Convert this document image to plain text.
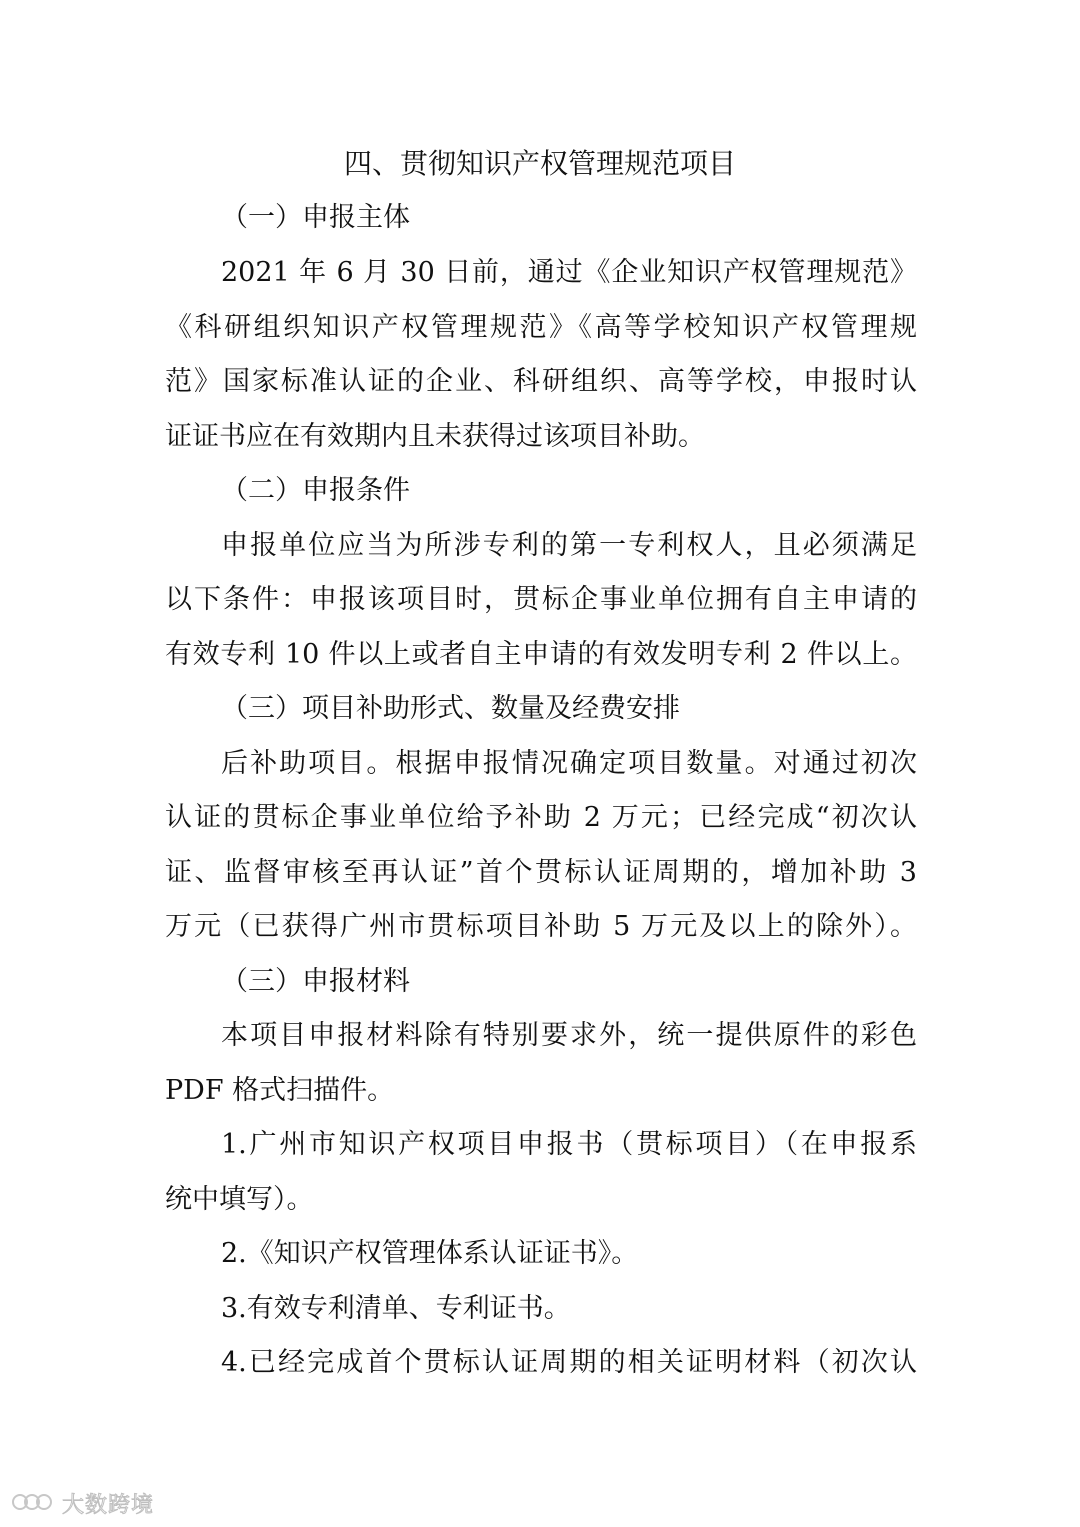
四、贯彻知识产权管理规范项目
（一）申报主体
2021 年 6 月 30 日前，通过《企业知识产权管理规范》
《科研组织知识产权管理规范》《高等学校知识产权管理规
范》国家标准认证的企业、科研组织、高等学校，申报时认
证证书应在有效期内且未获得过该项目补助。
（二）申报条件
申报单位应当为所涉专利的第一专利权人，且必须满足
以下条件：申报该项目时，贯标企事业单位拥有自主申请的
有效专利 10 件以上或者自主申请的有效发明专利 2 件以上。
（三）项目补助形式、数量及经费安排
后补助项目。根据申报情况确定项目数量。对通过初次
认证的贯标企事业单位给予补助 2 万元；已经完成“初次认
证、监督审核至再认证”首个贯标认证周期的，增加补助 3
万元（已获得广州市贯标项目补助 5 万元及以上的除外）。
（三）申报材料
本项目申报材料除有特别要求外，统一提供原件的彩色
PDF 格式扫描件。
1.广州市知识产权项目申报书（贯标项目）（在申报系
统中填写）。
2.《知识产权管理体系认证证书》。
3.有效专利清单、专利证书。
4.已经完成首个贯标认证周期的相关证明材料（初次认
大数跨境
